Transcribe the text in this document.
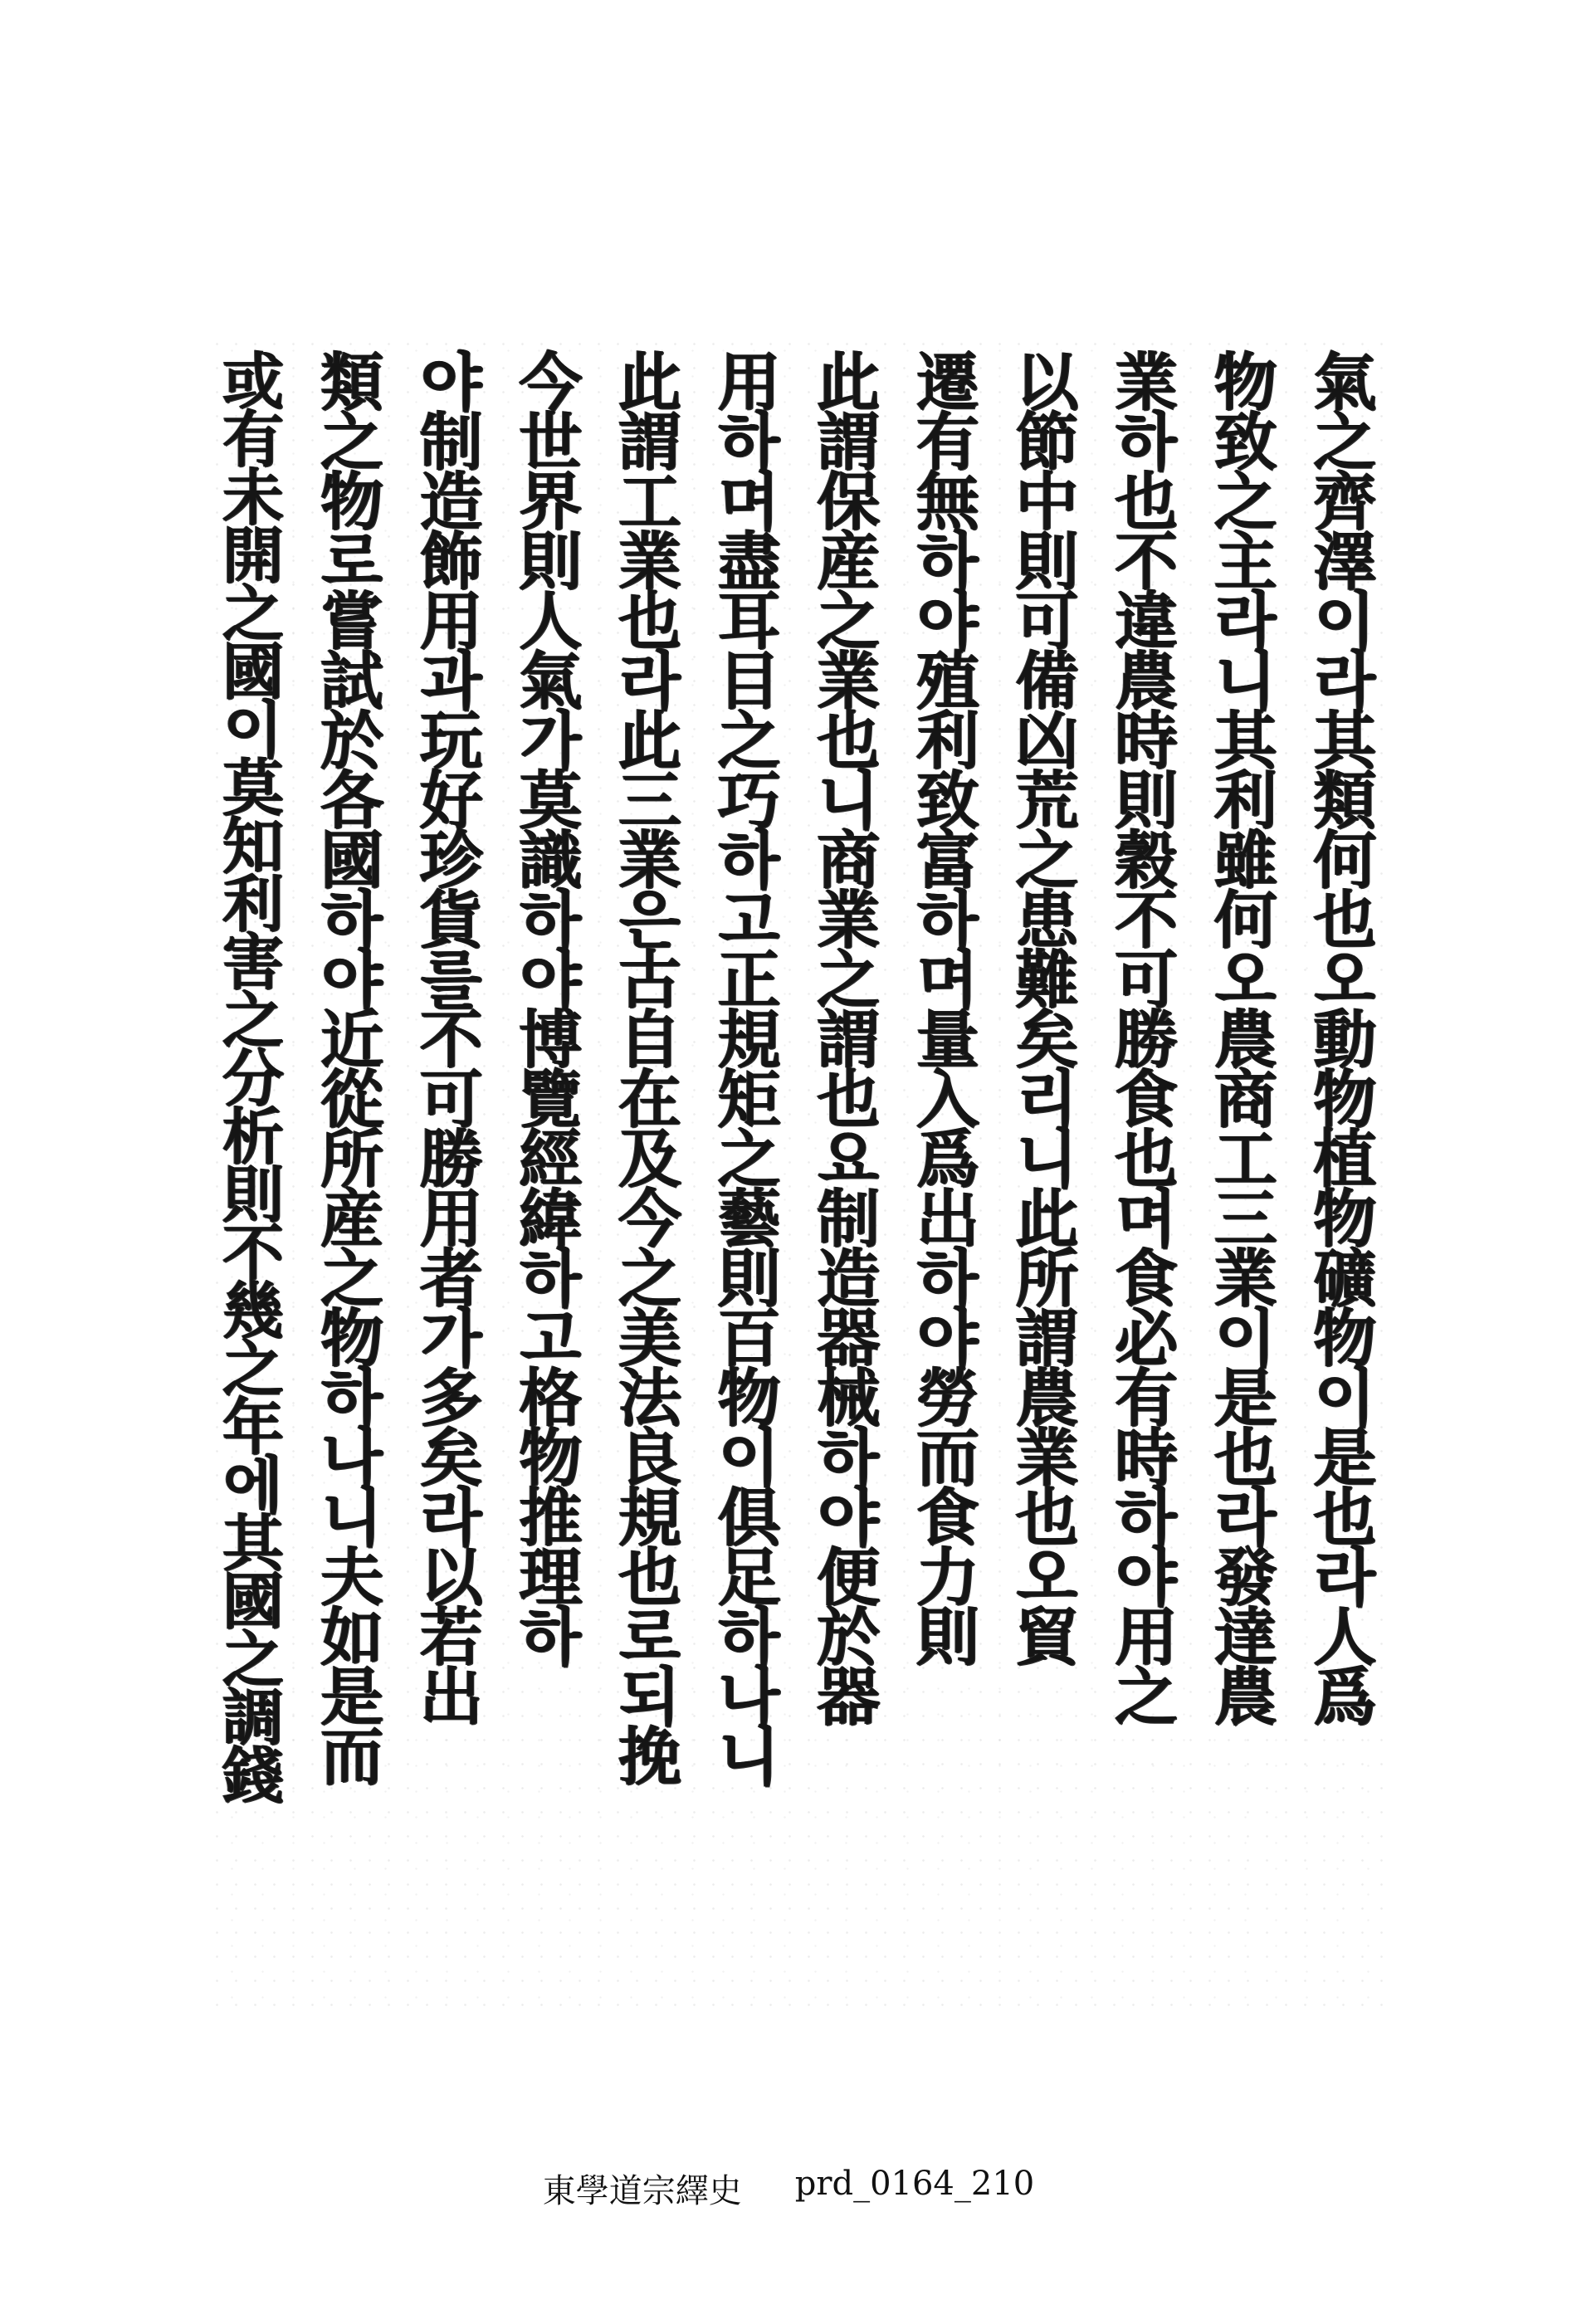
氣之齊澤이라其類何也오動物植物礦物이是也라人爲
物致之主라니其利雖何오農商工三業이是也라發達農
業하也不違農時則穀不可勝食也며食必有時하야用之
以節中則可備凶荒之患難矣리니此所謂農業也오貿
遷有無하야殖利致富하며量入爲出하야勞而食力則
此謂保産之業也니商業之謂也요制造器械하야便於器
用하며盡耳目之巧하고正規矩之藝則百物이俱足하나니
此謂工業也라此三業은古自在及今之美法良規也로되挽
今世界則人氣가莫識하야博覽經緯하고格物推理하
야制造飾用과玩好珍貨를不可勝用者가多矣라以若出
類之物로嘗試於各國하야近從所産之物하나니夫如是而
或有未開之國이莫知利害之分析則不幾之年에其國之調錢
東學道宗繹史 prd_0164_210
